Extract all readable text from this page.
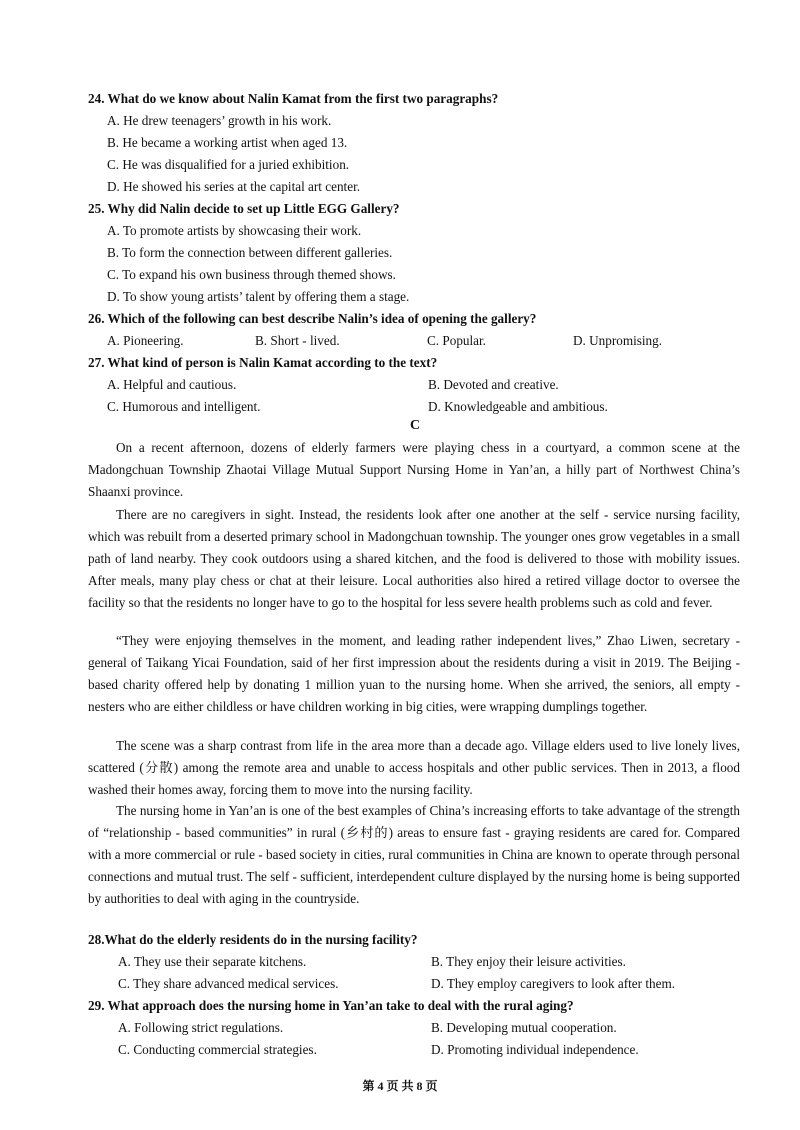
24. What do we know about Nalin Kamat from the first two paragraphs?
A. He drew teenagers’ growth in his work.
B. He became a working artist when aged 13.
C. He was disqualified for a juried exhibition.
D. He showed his series at the capital art center.
25. Why did Nalin decide to set up Little EGG Gallery?
A. To promote artists by showcasing their work.
B. To form the connection between different galleries.
C. To expand his own business through themed shows.
D. To show young artists’ talent by offering them a stage.
26. Which of the following can best describe Nalin’s idea of opening the gallery?
A. Pioneering.	B. Short - lived.	C. Popular.	D. Unpromising.
27. What kind of person is Nalin Kamat according to the text?
A. Helpful and cautious.	B. Devoted and creative.
C. Humorous and intelligent.	D. Knowledgeable and ambitious.
C
On a recent afternoon, dozens of elderly farmers were playing chess in a courtyard, a common scene at the Madongchuan Township Zhaotai Village Mutual Support Nursing Home in Yan’an, a hilly part of Northwest China’s Shaanxi province.
There are no caregivers in sight. Instead, the residents look after one another at the self - service nursing facility, which was rebuilt from a deserted primary school in Madongchuan township. The younger ones grow vegetables in a small path of land nearby. They cook outdoors using a shared kitchen, and the food is delivered to those with mobility issues. After meals, many play chess or chat at their leisure. Local authorities also hired a retired village doctor to oversee the facility so that the residents no longer have to go to the hospital for less severe health problems such as cold and fever.
“They were enjoying themselves in the moment, and leading rather independent lives,” Zhao Liwen, secretary - general of Taikang Yicai Foundation, said of her first impression about the residents during a visit in 2019. The Beijing - based charity offered help by donating 1 million yuan to the nursing home. When she arrived, the seniors, all empty - nesters who are either childless or have children working in big cities, were wrapping dumplings together.
The scene was a sharp contrast from life in the area more than a decade ago. Village elders used to live lonely lives, scattered (分散) among the remote area and unable to access hospitals and other public services. Then in 2013, a flood washed their homes away, forcing them to move into the nursing facility.
The nursing home in Yan’an is one of the best examples of China’s increasing efforts to take advantage of the strength of “relationship - based communities” in rural (乡村的) areas to ensure fast - graying residents are cared for. Compared with a more commercial or rule - based society in cities, rural communities in China are known to operate through personal connections and mutual trust. The self - sufficient, interdependent culture displayed by the nursing home is being supported by authorities to deal with aging in the countryside.
28.What do the elderly residents do in the nursing facility?
A. They use their separate kitchens.	B. They enjoy their leisure activities.
C. They share advanced medical services.	D. They employ caregivers to look after them.
29. What approach does the nursing home in Yan’an take to deal with the rural aging?
A. Following strict regulations.	B. Developing mutual cooperation.
C. Conducting commercial strategies.	D. Promoting individual independence.
第 4 页 共 8 页
